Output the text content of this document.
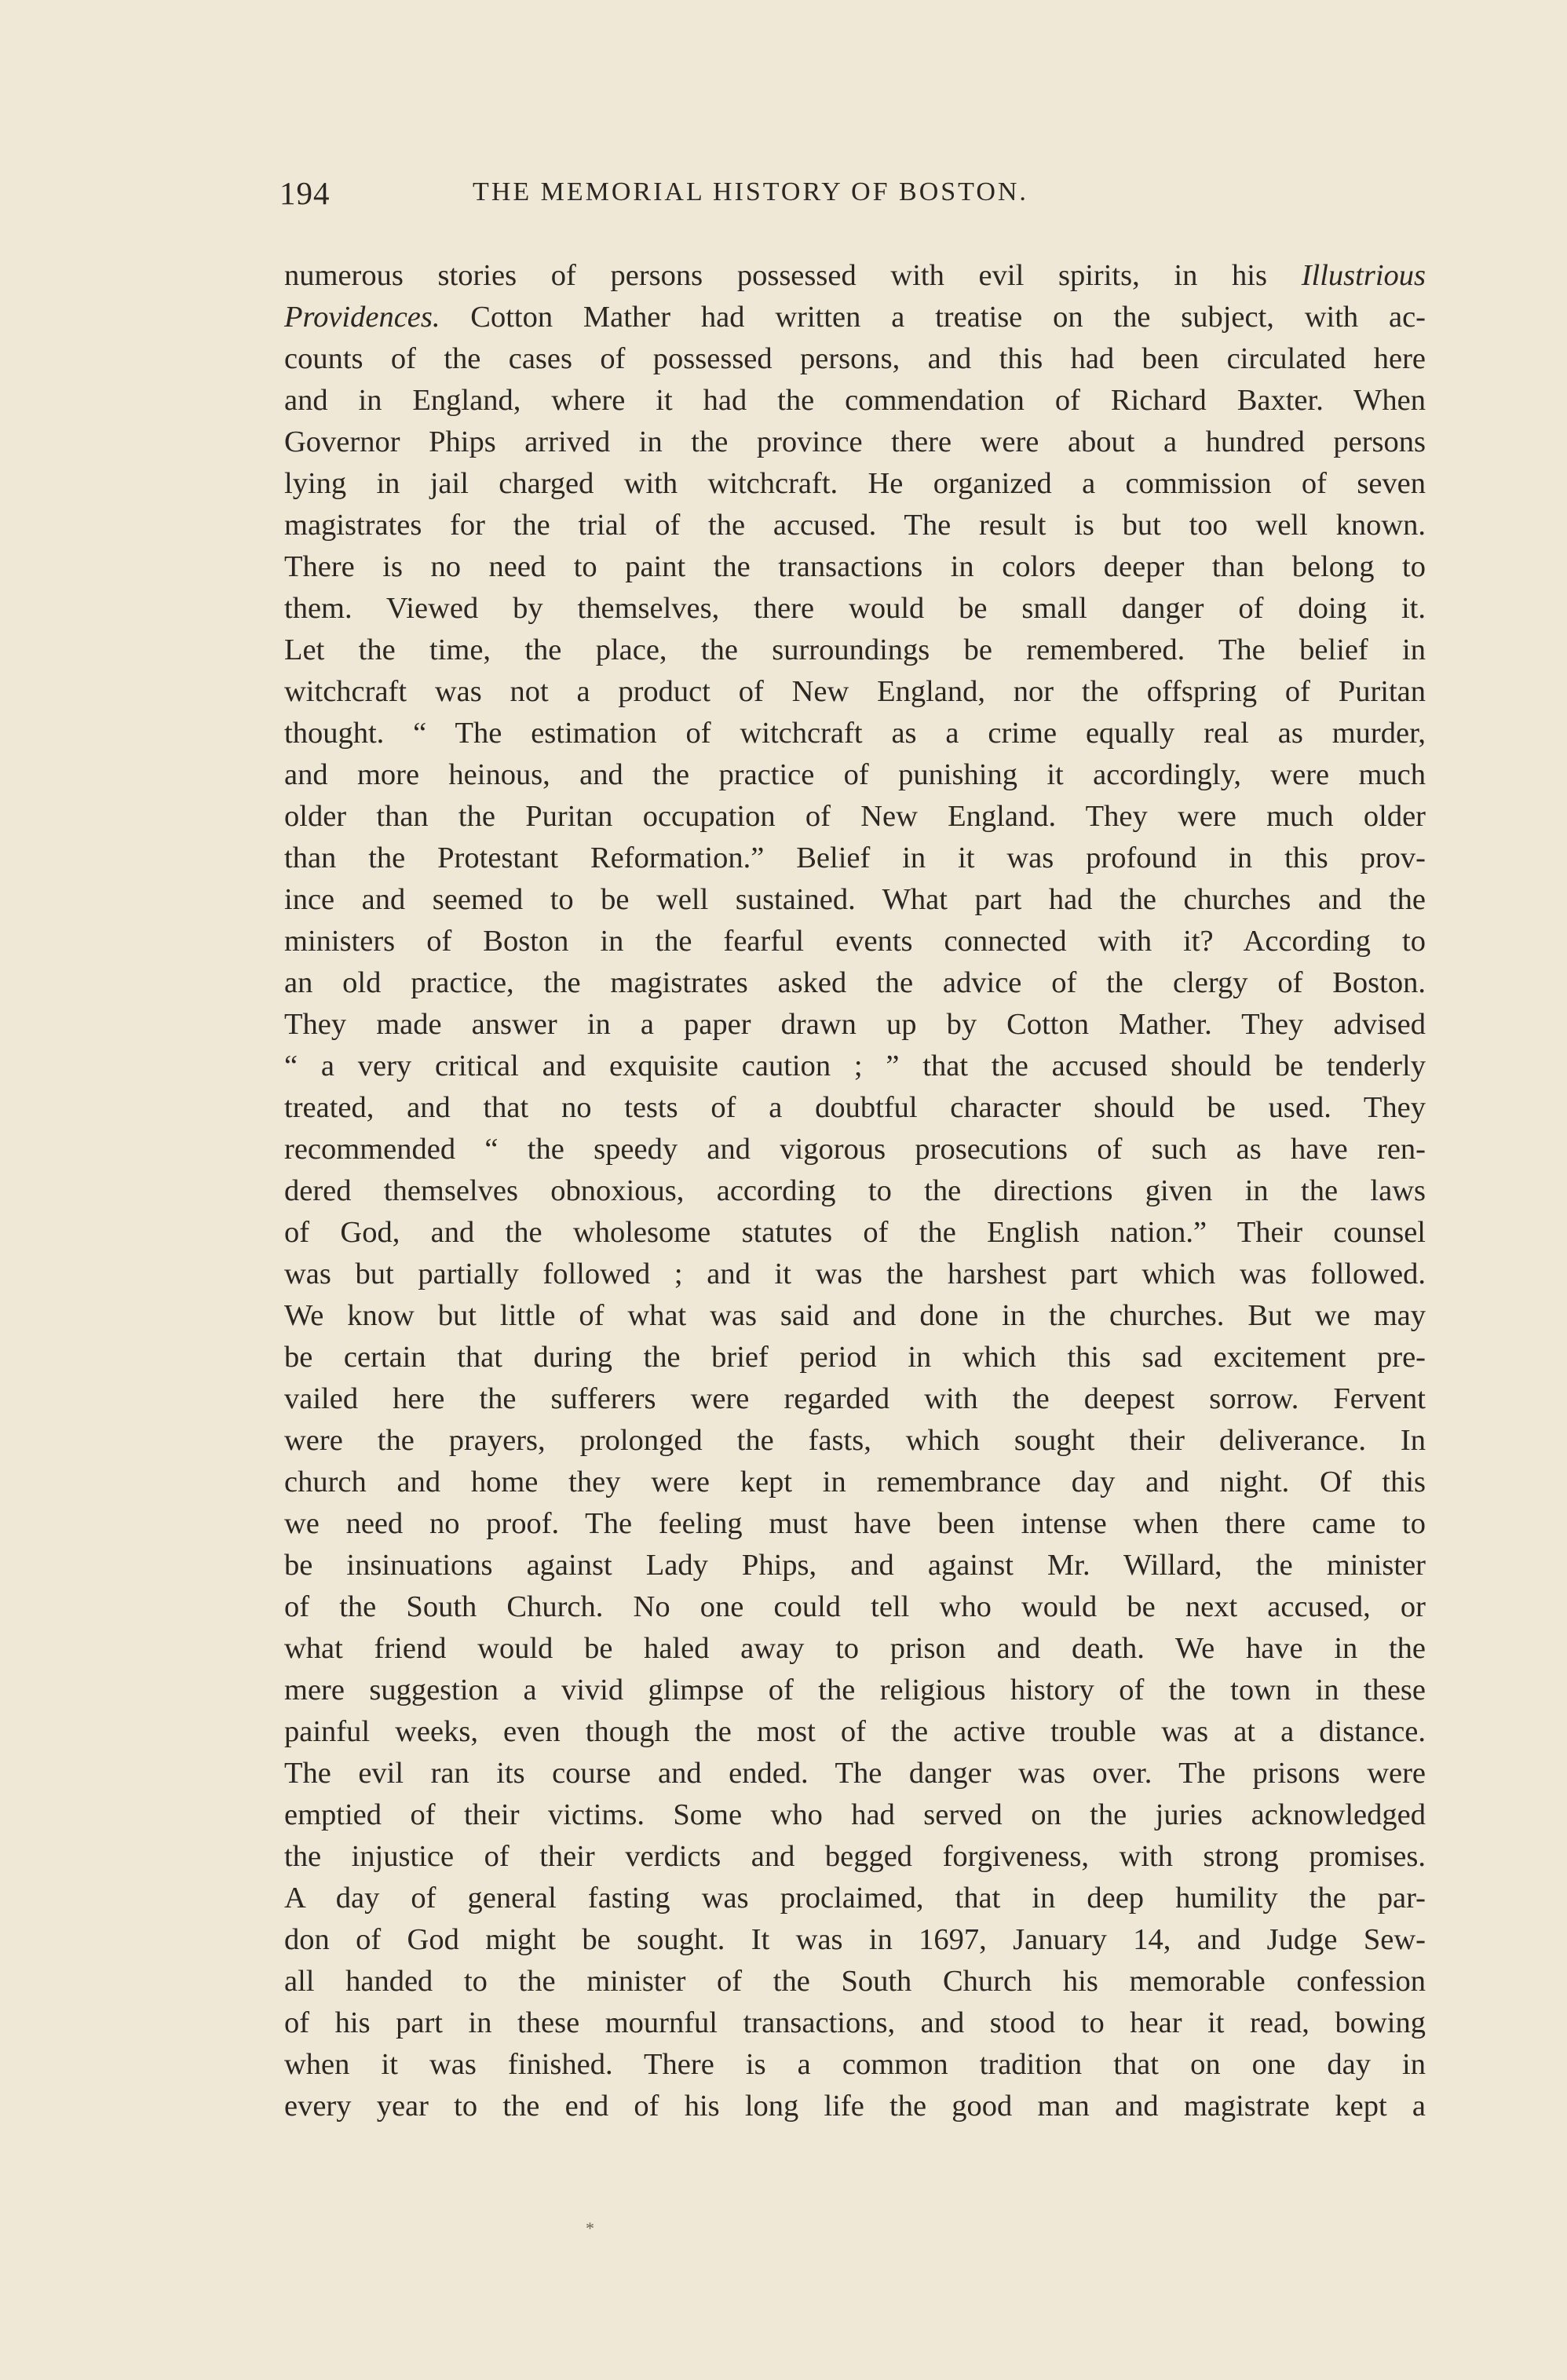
194	THE MEMORIAL HISTORY OF BOSTON.
numerous stories of persons possessed with evil spirits, in his Illustrious
Providences. Cotton Mather had written a treatise on the subject, with ac-
counts of the cases of possessed persons, and this had been circulated here
and in England, where it had the commendation of Richard Baxter. When
Governor Phips arrived in the province there were about a hundred persons
lying in jail charged with witchcraft. He organized a commission of seven
magistrates for the trial of the accused. The result is but too well known.
There is no need to paint the transactions in colors deeper than belong to
them. Viewed by themselves, there would be small danger of doing it.
Let the time, the place, the surroundings be remembered. The belief in
witchcraft was not a product of New England, nor the offspring of Puritan
thought. “ The estimation of witchcraft as a crime equally real as murder,
and more heinous, and the practice of punishing it accordingly, were much
older than the Puritan occupation of New England. They were much older
than the Protestant Reformation.” Belief in it was profound in this prov-
ince and seemed to be well sustained. What part had the churches and the
ministers of Boston in the fearful events connected with it? According to
an old practice, the magistrates asked the advice of the clergy of Boston.
They made answer in a paper drawn up by Cotton Mather. They advised
“ a very critical and exquisite caution ; ” that the accused should be tenderly
treated, and that no tests of a doubtful character should be used. They
recommended “ the speedy and vigorous prosecutions of such as have ren-
dered themselves obnoxious, according to the directions given in the laws
of God, and the wholesome statutes of the English nation.” Their counsel
was but partially followed ; and it was the harshest part which was followed.
We know but little of what was said and done in the churches. But we may
be certain that during the brief period in which this sad excitement pre-
vailed here the sufferers were regarded with the deepest sorrow. Fervent
were the prayers, prolonged the fasts, which sought their deliverance. In
church and home they were kept in remembrance day and night. Of this
we need no proof. The feeling must have been intense when there came to
be insinuations against Lady Phips, and against Mr. Willard, the minister
of the South Church. No one could tell who would be next accused, or
what friend would be haled away to prison and death. We have in the
mere suggestion a vivid glimpse of the religious history of the town in these
painful weeks, even though the most of the active trouble was at a distance.
The evil ran its course and ended. The danger was over. The prisons were
emptied of their victims. Some who had served on the juries acknowledged
the injustice of their verdicts and begged forgiveness, with strong promises.
A day of general fasting was proclaimed, that in deep humility the par-
don of God might be sought. It was in 1697, January 14, and Judge Sew-
all handed to the minister of the South Church his memorable confession
of his part in these mournful transactions, and stood to hear it read, bowing
when it was finished. There is a common tradition that on one day in
every year to the end of his long life the good man and magistrate kept a
*
